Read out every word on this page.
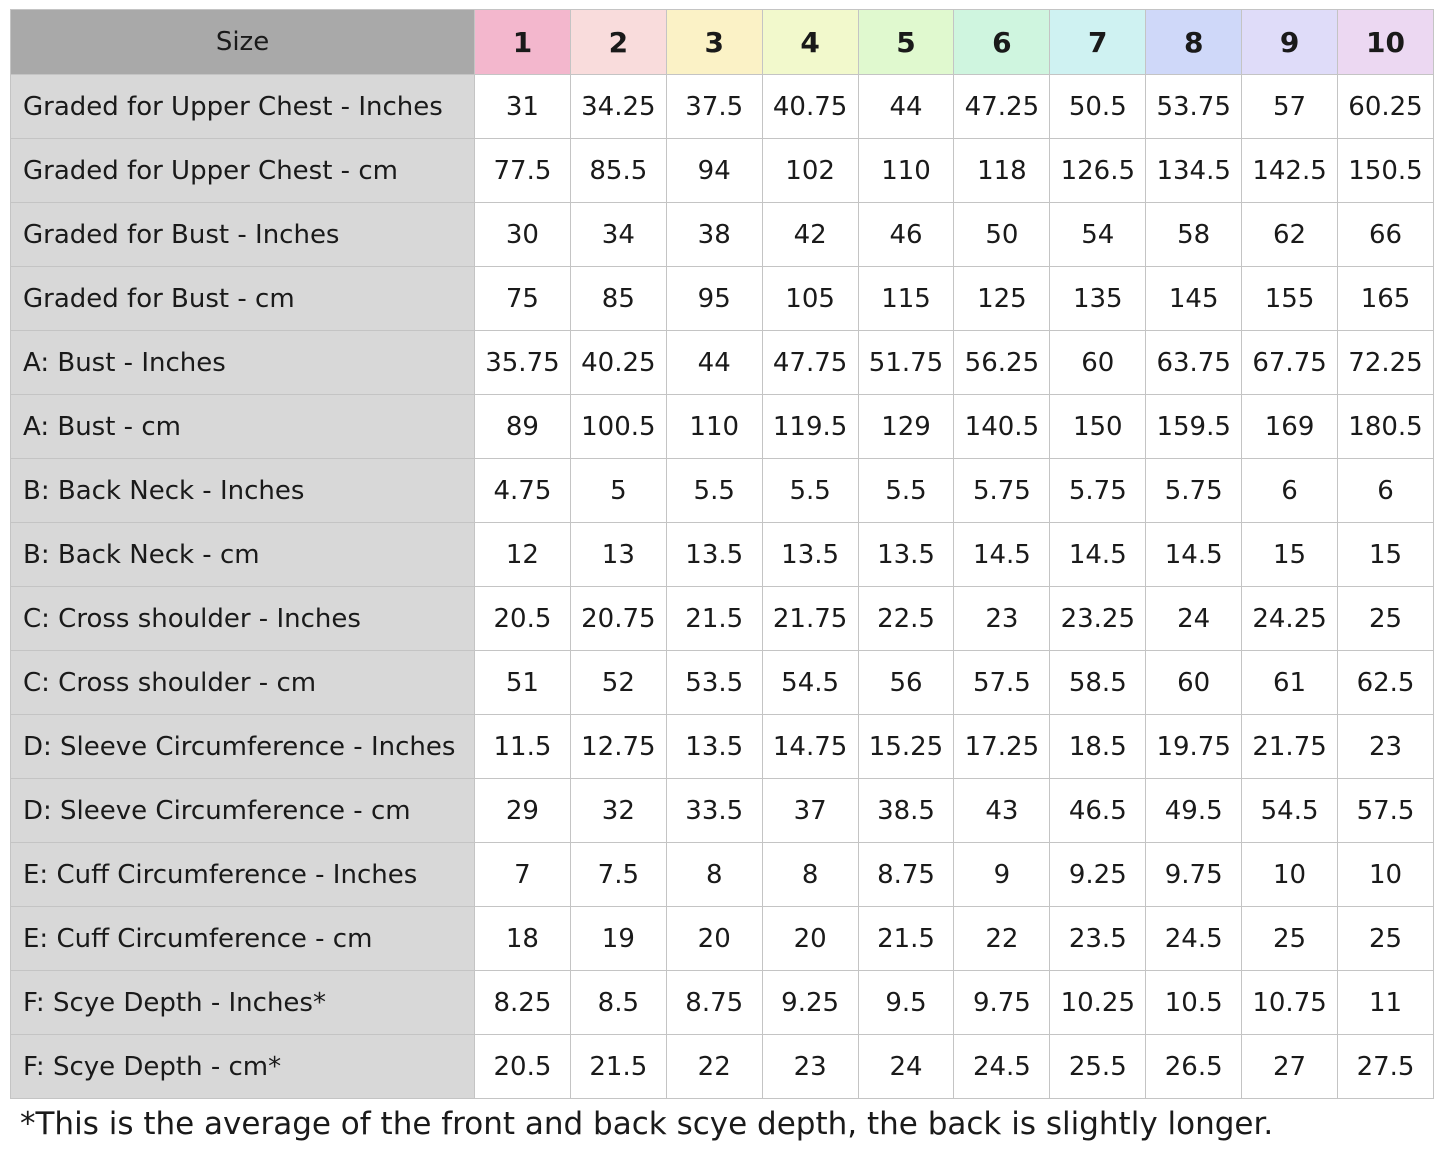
Size	1	2	3	4	5	6	7	8	9	10
Graded for Upper Chest - Inches	31	34.25	37.5	40.75	44	47.25	50.5	53.75	57	60.25
Graded for Upper Chest - cm	77.5	85.5	94	102	110	118	126.5	134.5	142.5	150.5
Graded for Bust - Inches	30	34	38	42	46	50	54	58	62	66
Graded for Bust - cm	75	85	95	105	115	125	135	145	155	165
A: Bust - Inches	35.75	40.25	44	47.75	51.75	56.25	60	63.75	67.75	72.25
A: Bust - cm	89	100.5	110	119.5	129	140.5	150	159.5	169	180.5
B: Back Neck - Inches	4.75	5	5.5	5.5	5.5	5.75	5.75	5.75	6	6
B: Back Neck - cm	12	13	13.5	13.5	13.5	14.5	14.5	14.5	15	15
C: Cross shoulder - Inches	20.5	20.75	21.5	21.75	22.5	23	23.25	24	24.25	25
C: Cross shoulder - cm	51	52	53.5	54.5	56	57.5	58.5	60	61	62.5
D: Sleeve Circumference - Inches	11.5	12.75	13.5	14.75	15.25	17.25	18.5	19.75	21.75	23
D: Sleeve Circumference - cm	29	32	33.5	37	38.5	43	46.5	49.5	54.5	57.5
E: Cuff Circumference - Inches	7	7.5	8	8	8.75	9	9.25	9.75	10	10
E: Cuff Circumference - cm	18	19	20	20	21.5	22	23.5	24.5	25	25
F: Scye Depth - Inches*	8.25	8.5	8.75	9.25	9.5	9.75	10.25	10.5	10.75	11
F: Scye Depth - cm*	20.5	21.5	22	23	24	24.5	25.5	26.5	27	27.5
*This is the average of the front and back scye depth, the back is slightly longer.
